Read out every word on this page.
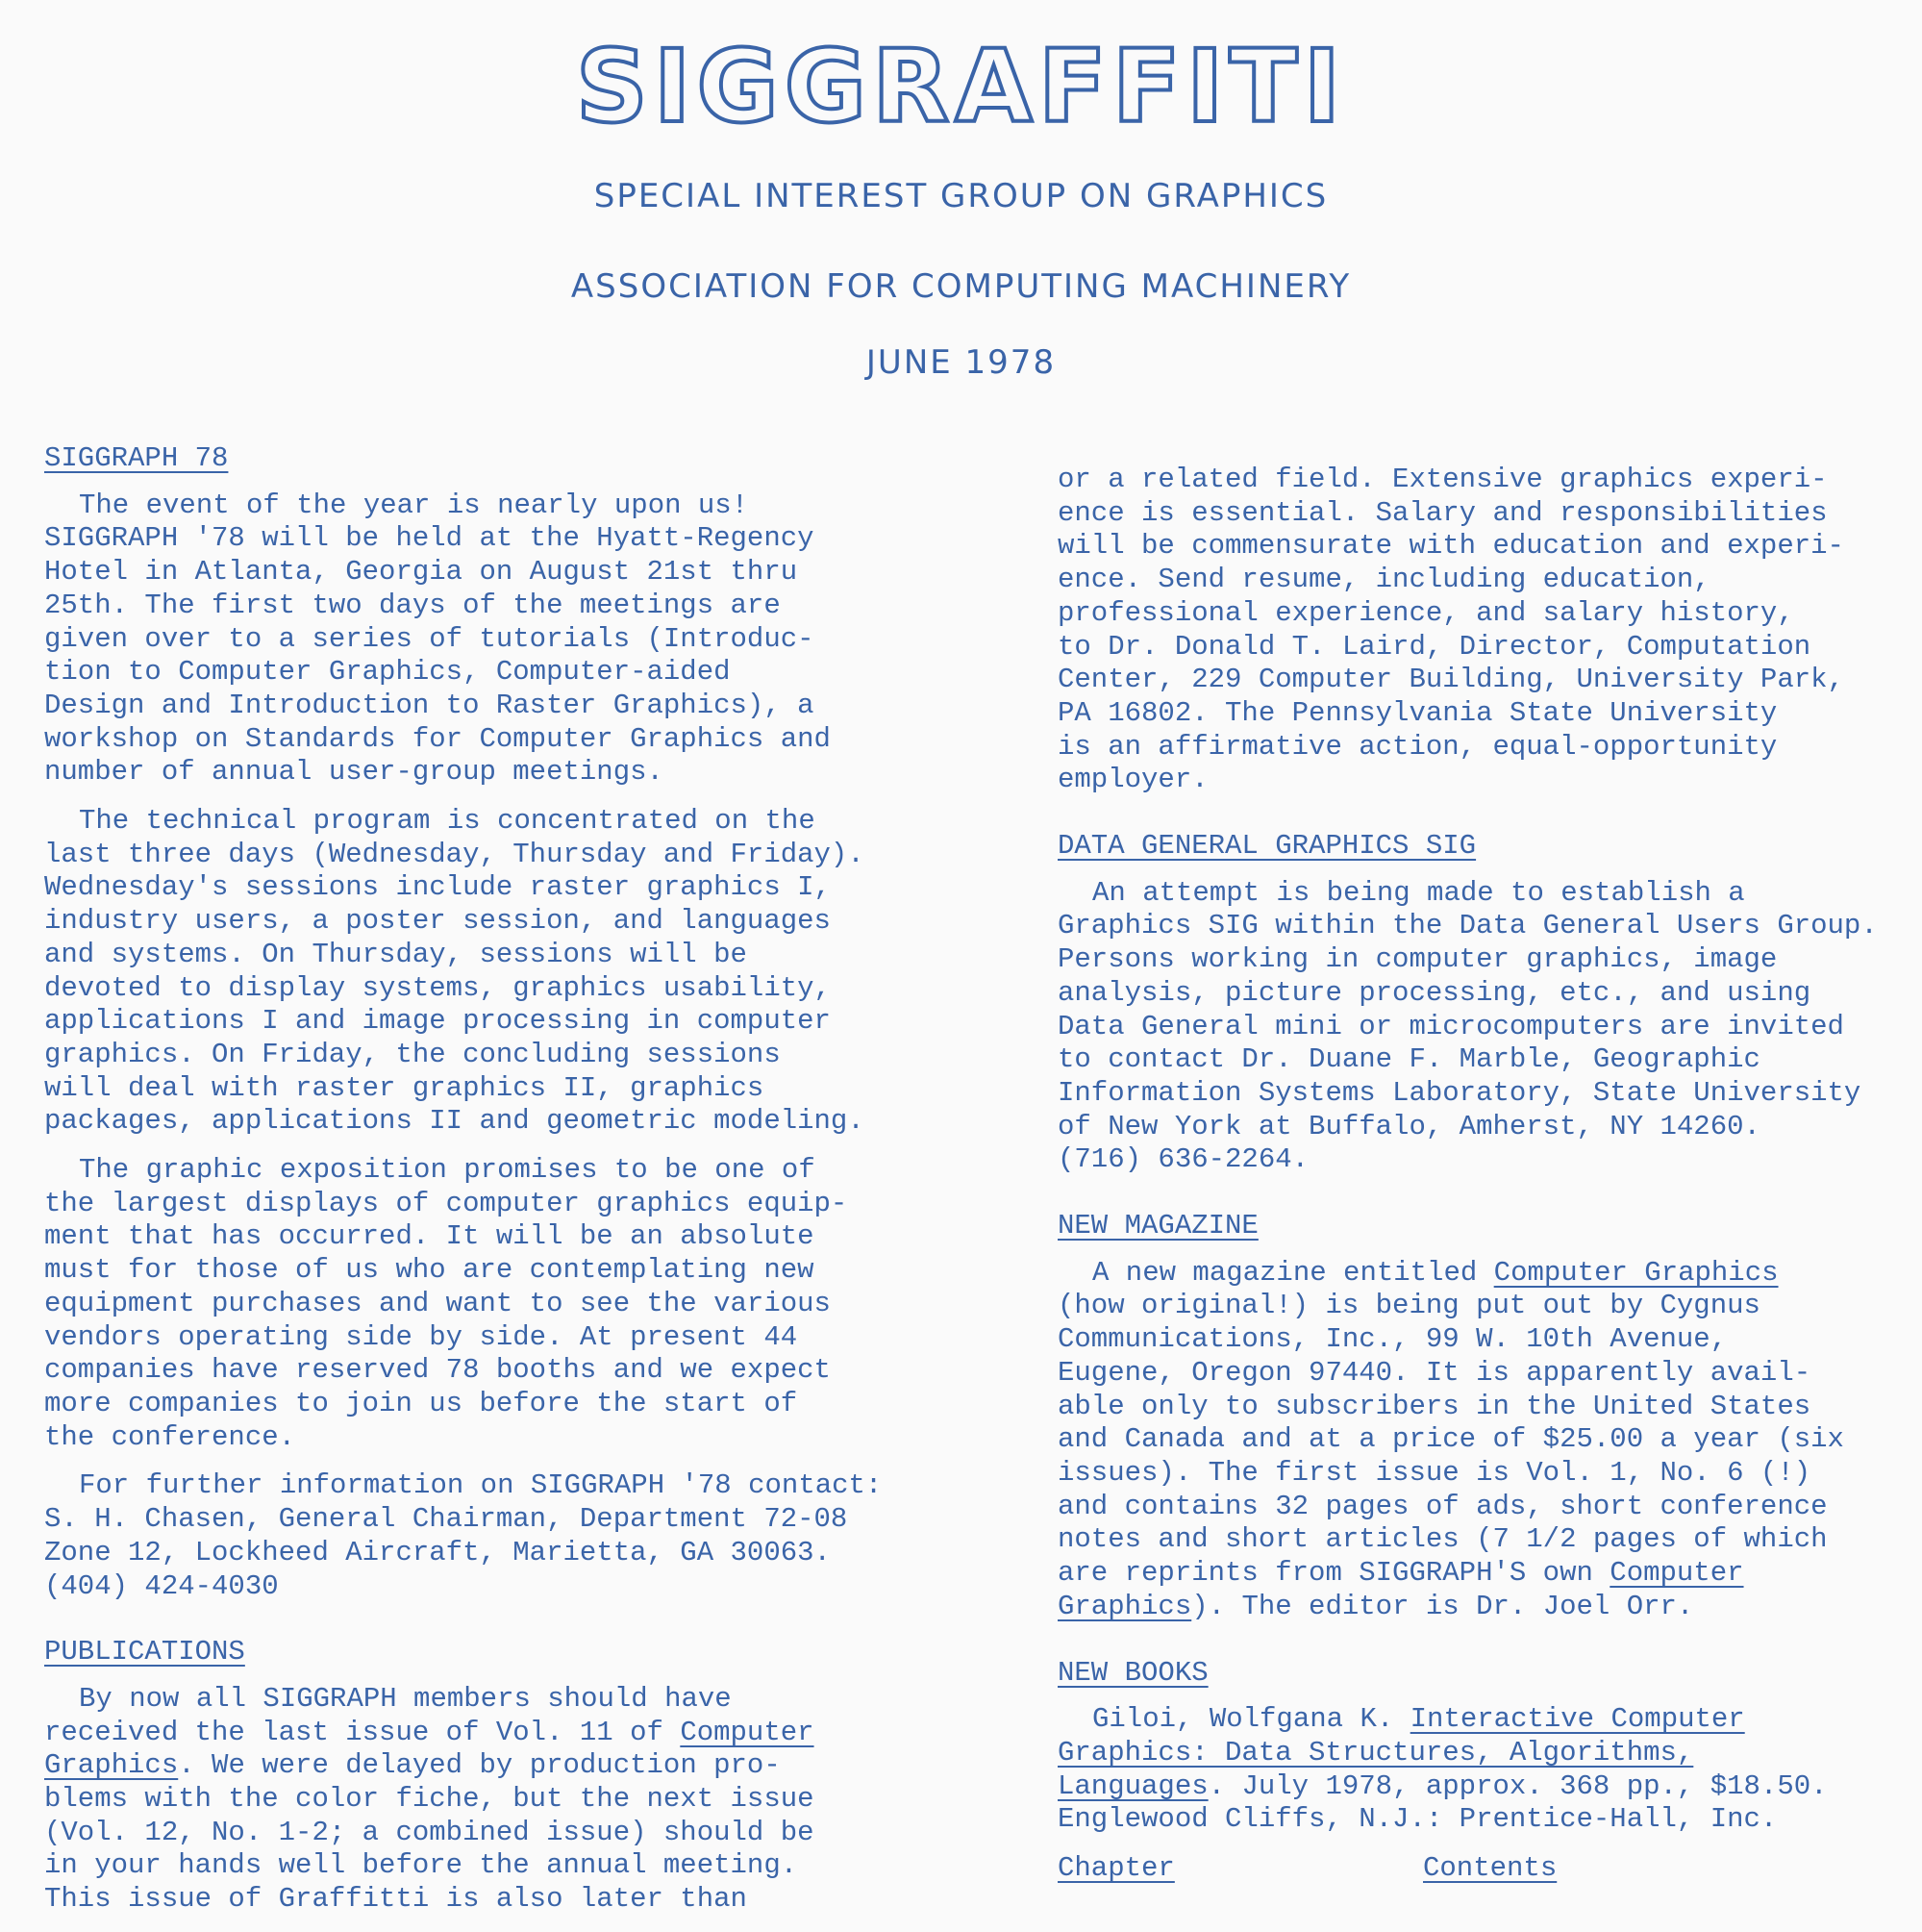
SIGGRAFFITI
SPECIAL INTEREST GROUP ON GRAPHICS
ASSOCIATION FOR COMPUTING MACHINERY
JUNE 1978
SIGGRAPH 78

The event of the year is nearly upon us!
SIGGRAPH '78 will be held at the Hyatt-Regency
Hotel in Atlanta, Georgia on August 21st thru
25th. The first two days of the meetings are
given over to a series of tutorials (Introduc-
tion to Computer Graphics, Computer-aided
Design and Introduction to Raster Graphics), a
workshop on Standards for Computer Graphics and
number of annual user-group meetings.

The technical program is concentrated on the
last three days (Wednesday, Thursday and Friday).
Wednesday's sessions include raster graphics I,
industry users, a poster session, and languages
and systems. On Thursday, sessions will be
devoted to display systems, graphics usability,
applications I and image processing in computer
graphics. On Friday, the concluding sessions
will deal with raster graphics II, graphics
packages, applications II and geometric modeling.

The graphic exposition promises to be one of
the largest displays of computer graphics equip-
ment that has occurred. It will be an absolute
must for those of us who are contemplating new
equipment purchases and want to see the various
vendors operating side by side. At present 44
companies have reserved 78 booths and we expect
more companies to join us before the start of
the conference.

For further information on SIGGRAPH '78 contact:
S. H. Chasen, General Chairman, Department 72-08
Zone 12, Lockheed Aircraft, Marietta, GA 30063.
(404) 424-4030

PUBLICATIONS

By now all SIGGRAPH members should have
received the last issue of Vol. 11 of Computer
Graphics. We were delayed by production pro-
blems with the color fiche, but the next issue
(Vol. 12, No. 1-2; a combined issue) should be
in your hands well before the annual meeting.
This issue of Graffitti is also later than

or a related field. Extensive graphics experi-
ence is essential. Salary and responsibilities
will be commensurate with education and experi-
ence. Send resume, including education,
professional experience, and salary history,
to Dr. Donald T. Laird, Director, Computation
Center, 229 Computer Building, University Park,
PA 16802. The Pennsylvania State University
is an affirmative action, equal-opportunity
employer.

DATA GENERAL GRAPHICS SIG

An attempt is being made to establish a
Graphics SIG within the Data General Users Group.
Persons working in computer graphics, image
analysis, picture processing, etc., and using
Data General mini or microcomputers are invited
to contact Dr. Duane F. Marble, Geographic
Information Systems Laboratory, State University
of New York at Buffalo, Amherst, NY 14260.
(716) 636-2264.

NEW MAGAZINE

A new magazine entitled Computer Graphics
(how original!) is being put out by Cygnus
Communications, Inc., 99 W. 10th Avenue,
Eugene, Oregon 97440. It is apparently avail-
able only to subscribers in the United States
and Canada and at a price of $25.00 a year (six
issues). The first issue is Vol. 1, No. 6 (!)
and contains 32 pages of ads, short conference
notes and short articles (7 1/2 pages of which
are reprints from SIGGRAPH'S own Computer
Graphics). The editor is Dr. Joel Orr.

NEW BOOKS

Giloi, Wolfgana K. Interactive Computer
Graphics: Data Structures, Algorithms,
Languages. July 1978, approx. 368 pp., $18.50.
Englewood Cliffs, N.J.: Prentice-Hall, Inc.

Chapter	Contents
